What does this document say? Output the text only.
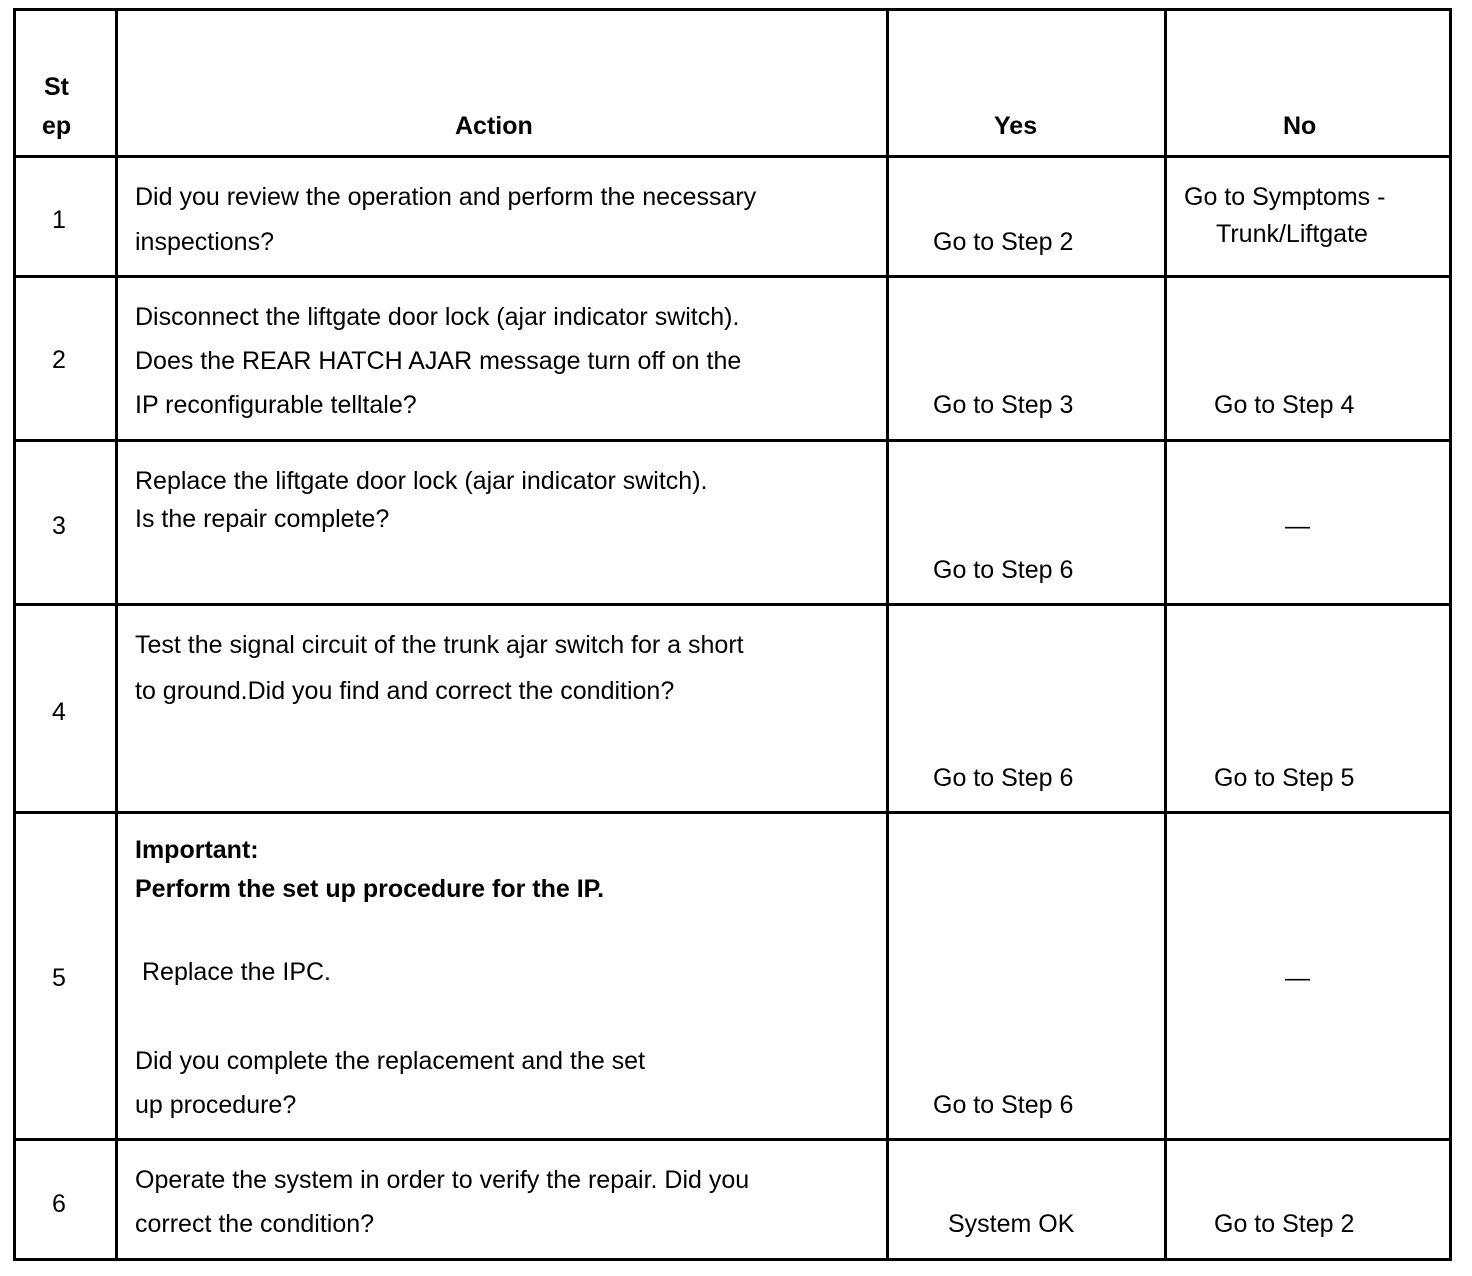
St
ep	Action	Yes	No

1	Did you review the operation and perform the necessary
inspections?	Go to Step 2	Go to Symptoms -
Trunk/Liftgate

2	Disconnect the liftgate door lock (ajar indicator switch).
Does the REAR HATCH AJAR message turn off on the
IP reconfigurable telltale?	Go to Step 3	Go to Step 4

3	Replace the liftgate door lock (ajar indicator switch).
Is the repair complete?	Go to Step 6	—

4	Test the signal circuit of the trunk ajar switch for a short
to ground.Did you find and correct the condition?	Go to Step 6	Go to Step 5

5	Important:
Perform the set up procedure for the IP.
Replace the IPC.
Did you complete the replacement and the set
up procedure?	Go to Step 6	—

6	Operate the system in order to verify the repair. Did you
correct the condition?	System OK	Go to Step 2
